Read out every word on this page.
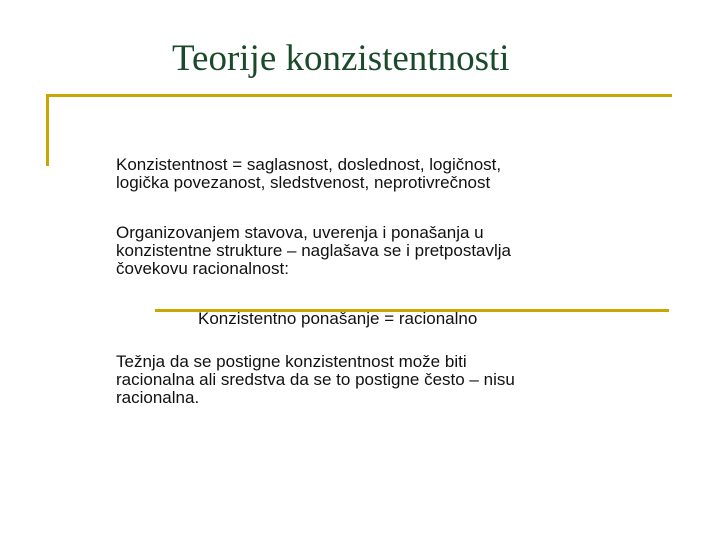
Teorije konzistentnosti
Konzistentnost = saglasnost, doslednost, logičnost,
logička povezanost, sledstvenost, neprotivrečnost
Organizovanjem stavova, uverenja i ponašanja u
konzistentne strukture – naglašava se i pretpostavlja
čovekovu racionalnost:
Konzistentno ponašanje = racionalno
Težnja da se postigne konzistentnost može biti
racionalna ali sredstva da se to postigne često – nisu
racionalna.
